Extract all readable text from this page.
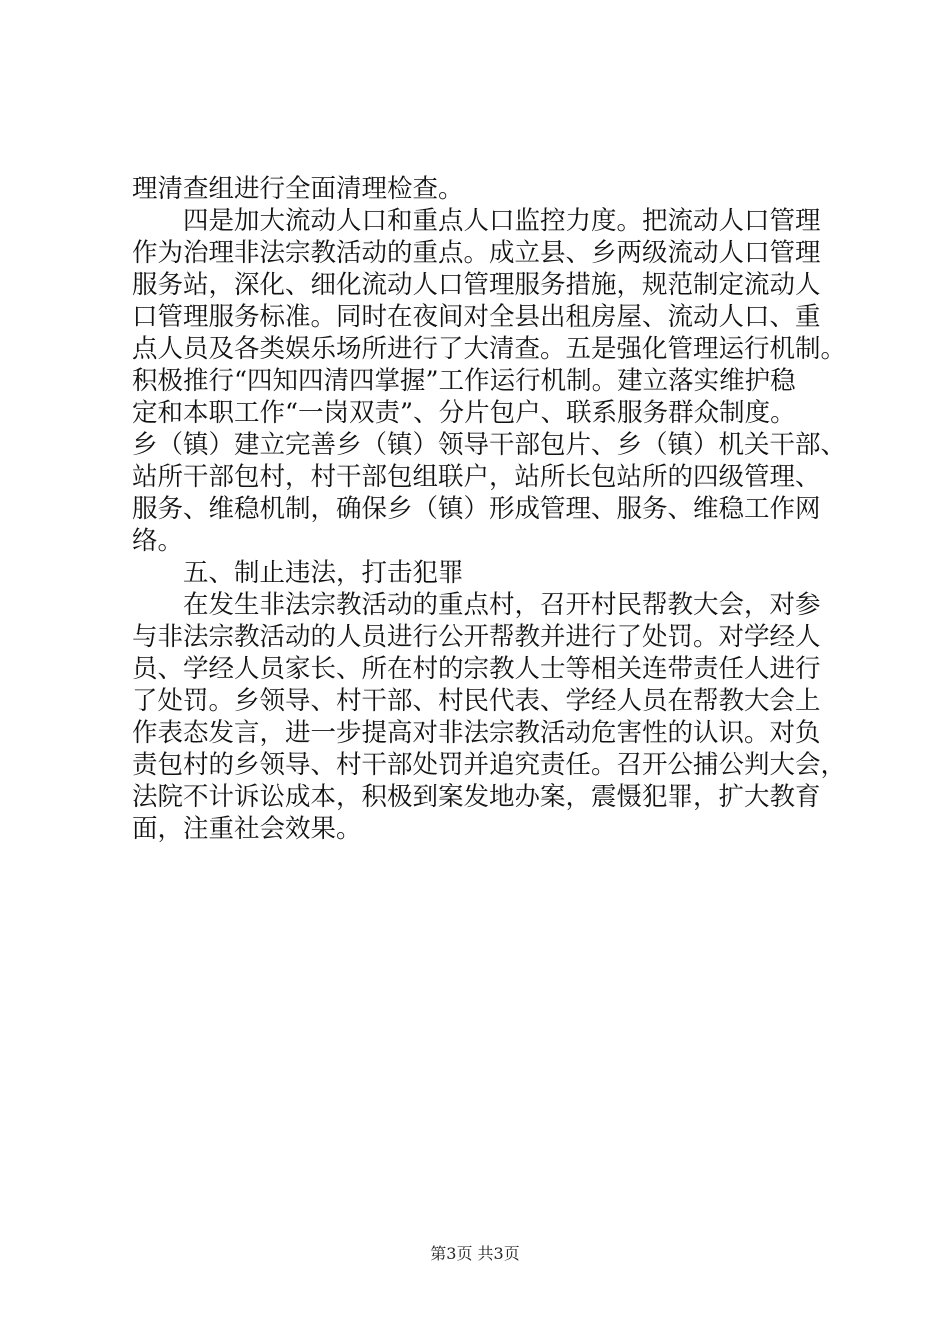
理清查组进行全面清理检查。
四是加大流动人口和重点人口监控力度。把流动人口管理
作为治理非法宗教活动的重点。成立县、乡两级流动人口管理
服务站，深化、细化流动人口管理服务措施，规范制定流动人
口管理服务标准。同时在夜间对全县出租房屋、流动人口、重
点人员及各类娱乐场所进行了大清查。五是强化管理运行机制。
积极推行“四知四清四掌握”工作运行机制。建立落实维护稳
定和本职工作“一岗双责”、分片包户、联系服务群众制度。
乡（镇）建立完善乡（镇）领导干部包片、乡（镇）机关干部、
站所干部包村，村干部包组联户，站所长包站所的四级管理、
服务、维稳机制，确保乡（镇）形成管理、服务、维稳工作网
络。
五、制止违法，打击犯罪
在发生非法宗教活动的重点村，召开村民帮教大会，对参
与非法宗教活动的人员进行公开帮教并进行了处罚。对学经人
员、学经人员家长、所在村的宗教人士等相关连带责任人进行
了处罚。乡领导、村干部、村民代表、学经人员在帮教大会上
作表态发言，进一步提高对非法宗教活动危害性的认识。对负
责包村的乡领导、村干部处罚并追究责任。召开公捕公判大会，
法院不计诉讼成本，积极到案发地办案，震慑犯罪，扩大教育
面，注重社会效果。
第3页 共3页
